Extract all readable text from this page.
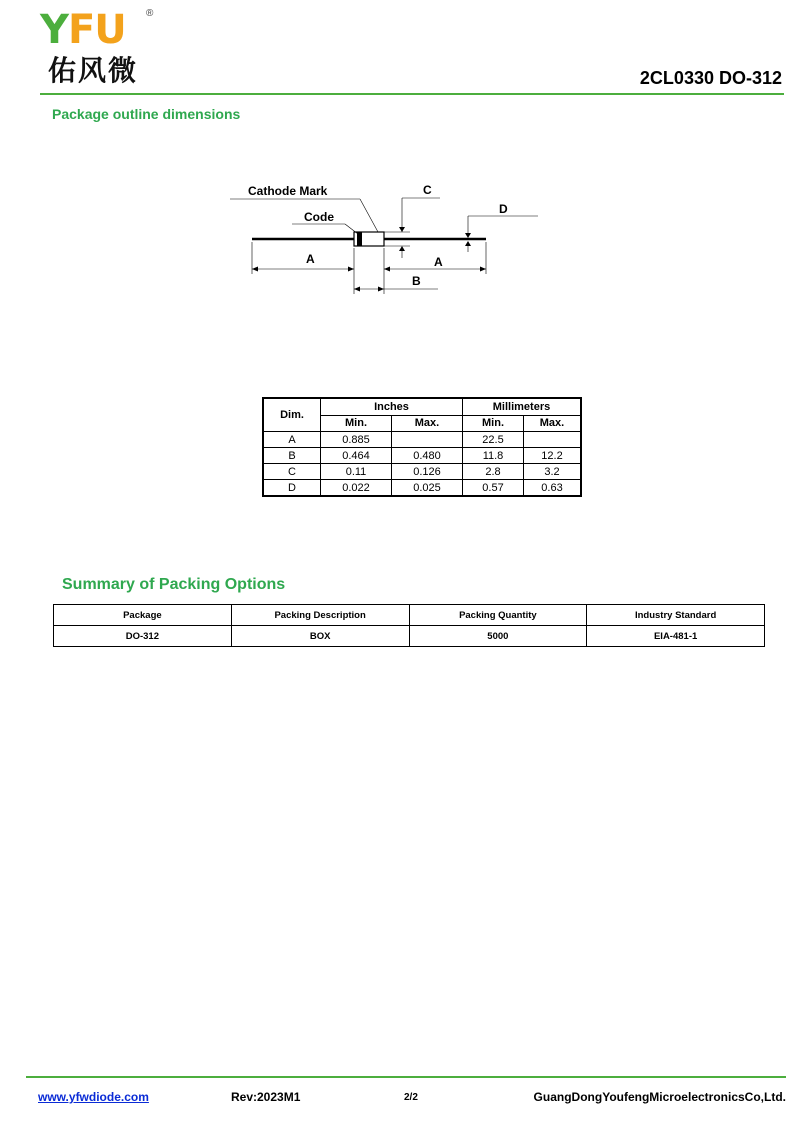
YFU ®
佑风微	2CL0330 DO-312
Package outline dimensions
Cathode Mark
Code
C
D
A	A
B
Dim.	Inches		Millimeters	
	Min.	Max.	Min.	Max.
A	0.885		22.5	
B	0.464	0.480	11.8	12.2
C	0.11	0.126	2.8	3.2
D	0.022	0.025	0.57	0.63
Summary of Packing Options
Package	Packing Description	Packing Quantity	Industry Standard
DO-312	BOX	5000	EIA-481-1
www.yfwdiode.com	Rev:2023M1	2/2	GuangDongYoufengMicroelectronicsCo,Ltd.
